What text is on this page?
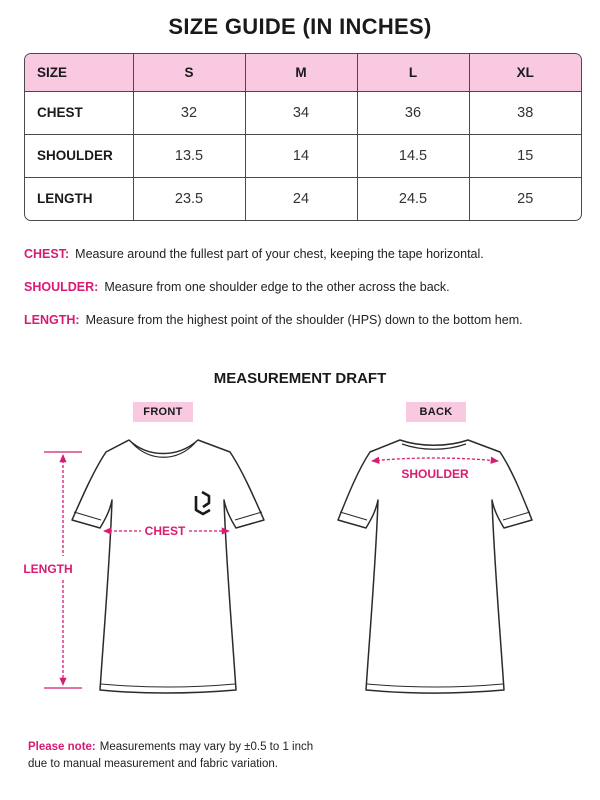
SIZE GUIDE (IN INCHES)
SIZE	S	M	L	XL
CHEST	32	34	36	38
SHOULDER	13.5	14	14.5	15
LENGTH	23.5	24	24.5	25
CHEST: Measure around the fullest part of your chest, keeping the tape horizontal.
SHOULDER: Measure from one shoulder edge to the other across the back.
LENGTH: Measure from the highest point of the shoulder (HPS) down to the bottom hem.
MEASUREMENT DRAFT
FRONT	BACK
CHEST
LENGTH
SHOULDER
Please note: Measurements may vary by ±0.5 to 1 inch
due to manual measurement and fabric variation.
